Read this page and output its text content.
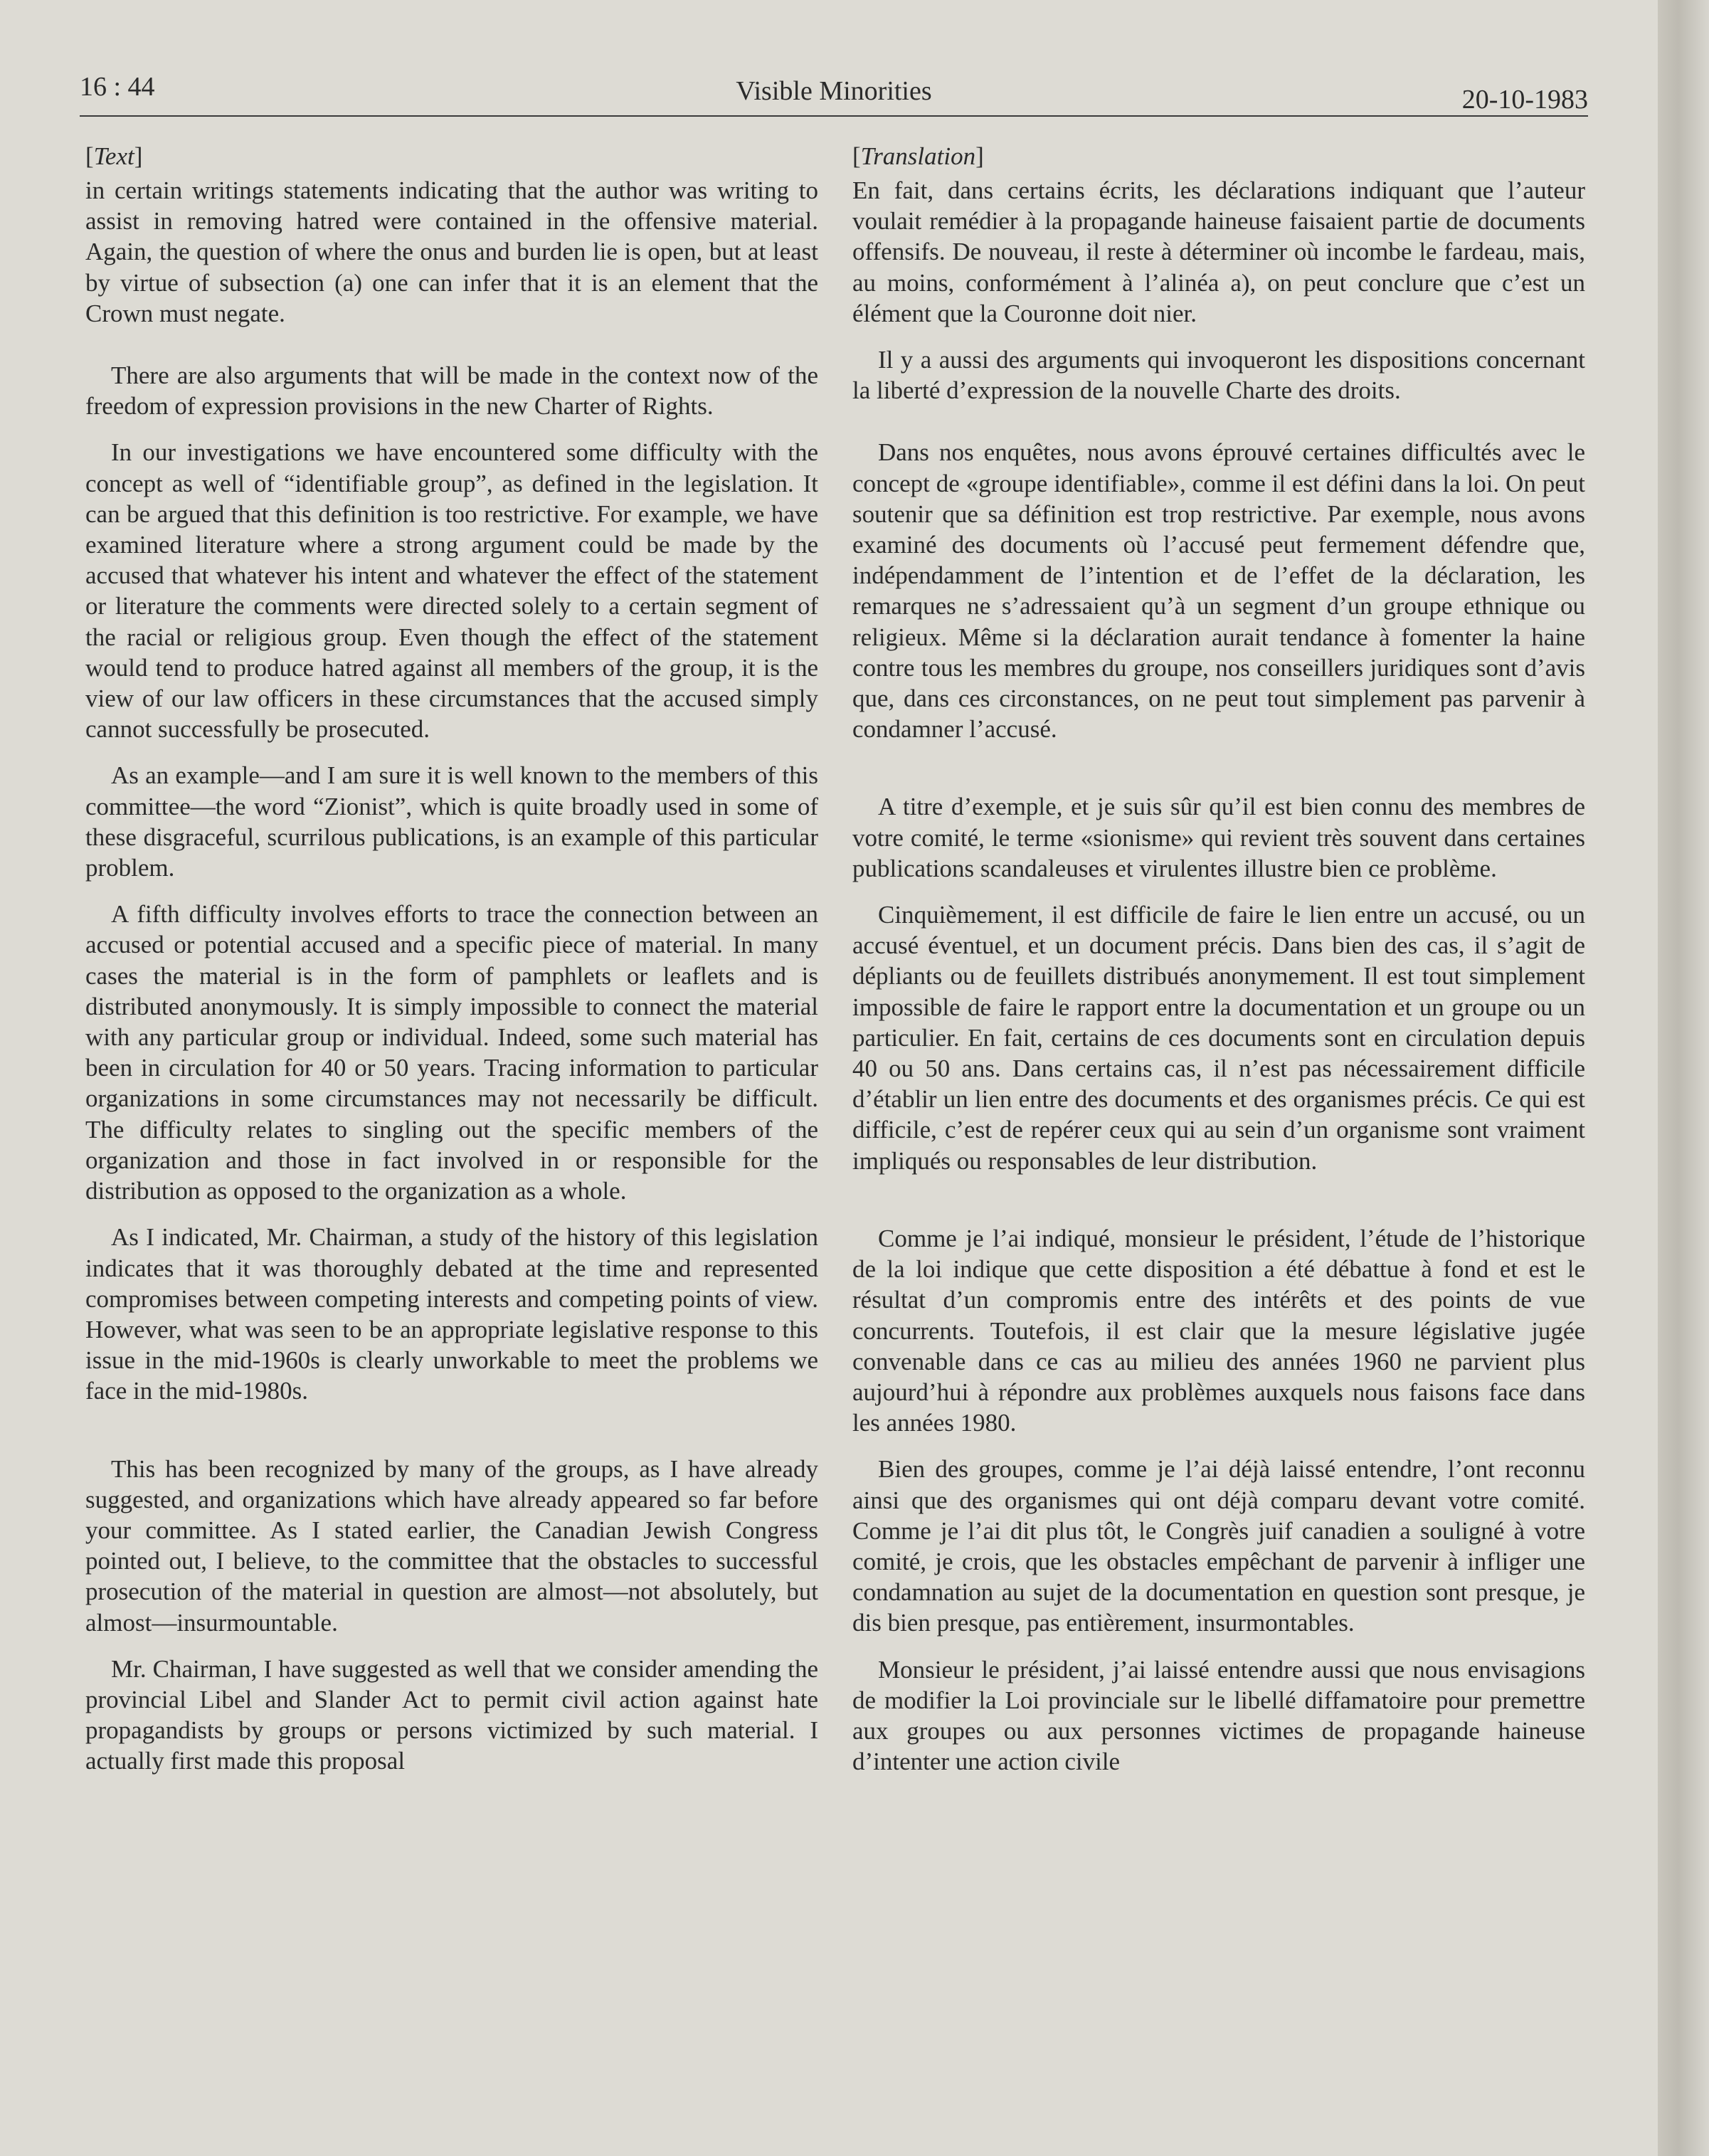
16 : 44	Visible Minorities	20-10-1983
[Text]

in certain writings statements indicating that the author was writing to assist in removing hatred were contained in the offensive material. Again, the question of where the onus and burden lie is open, but at least by virtue of subsection (a) one can infer that it is an element that the Crown must negate.

There are also arguments that will be made in the context now of the freedom of expression provisions in the new Charter of Rights.

In our investigations we have encountered some difficulty with the concept as well of “identifiable group”, as defined in the legislation. It can be argued that this definition is too restrictive. For example, we have examined literature where a strong argument could be made by the accused that whatever his intent and whatever the effect of the statement or literature the comments were directed solely to a certain segment of the racial or religious group. Even though the effect of the statement would tend to produce hatred against all members of the group, it is the view of our law officers in these circumstances that the accused simply cannot successfully be prosecuted.

As an example—and I am sure it is well known to the members of this committee—the word “Zionist”, which is quite broadly used in some of these disgraceful, scurrilous publications, is an example of this particular problem.

A fifth difficulty involves efforts to trace the connection between an accused or potential accused and a specific piece of material. In many cases the material is in the form of pamphlets or leaflets and is distributed anonymously. It is simply impossible to connect the material with any particular group or individual. Indeed, some such material has been in circulation for 40 or 50 years. Tracing information to particular organizations in some circumstances may not necessarily be difficult. The difficulty relates to singling out the specific members of the organization and those in fact involved in or responsible for the distribution as opposed to the organization as a whole.

As I indicated, Mr. Chairman, a study of the history of this legislation indicates that it was thoroughly debated at the time and represented compromises between competing interests and competing points of view. However, what was seen to be an appropriate legislative response to this issue in the mid-1960s is clearly unworkable to meet the problems we face in the mid-1980s.

This has been recognized by many of the groups, as I have already suggested, and organizations which have already appeared so far before your committee. As I stated earlier, the Canadian Jewish Congress pointed out, I believe, to the committee that the obstacles to successful prosecution of the material in question are almost—not absolutely, but almost—insurmountable.

Mr. Chairman, I have suggested as well that we consider amending the provincial Libel and Slander Act to permit civil action against hate propagandists by groups or persons victimized by such material. I actually first made this proposal

[Translation]

En fait, dans certains écrits, les déclarations indiquant que l’auteur voulait remédier à la propagande haineuse faisaient partie de documents offensifs. De nouveau, il reste à déterminer où incombe le fardeau, mais, au moins, conformément à l’alinéa a), on peut conclure que c’est un élément que la Couronne doit nier.

Il y a aussi des arguments qui invoqueront les dispositions concernant la liberté d’expression de la nouvelle Charte des droits.

Dans nos enquêtes, nous avons éprouvé certaines difficultés avec le concept de «groupe identifiable», comme il est défini dans la loi. On peut soutenir que sa définition est trop restrictive. Par exemple, nous avons examiné des documents où l’accusé peut fermement défendre que, indépendamment de l’intention et de l’effet de la déclaration, les remarques ne s’adressaient qu’à un segment d’un groupe ethnique ou religieux. Même si la déclaration aurait tendance à fomenter la haine contre tous les membres du groupe, nos conseillers juridiques sont d’avis que, dans ces circonstances, on ne peut tout simplement pas parvenir à condamner l’accusé.

A titre d’exemple, et je suis sûr qu’il est bien connu des membres de votre comité, le terme «sionisme» qui revient très souvent dans certaines publications scandaleuses et virulentes illustre bien ce problème.

Cinquièmement, il est difficile de faire le lien entre un accusé, ou un accusé éventuel, et un document précis. Dans bien des cas, il s’agit de dépliants ou de feuillets distribués anonymement. Il est tout simplement impossible de faire le rapport entre la documentation et un groupe ou un particulier. En fait, certains de ces documents sont en circulation depuis 40 ou 50 ans. Dans certains cas, il n’est pas nécessairement difficile d’établir un lien entre des documents et des organismes précis. Ce qui est difficile, c’est de repérer ceux qui au sein d’un organisme sont vraiment impliqués ou responsables de leur distribution.

Comme je l’ai indiqué, monsieur le président, l’étude de l’historique de la loi indique que cette disposition a été débattue à fond et est le résultat d’un compromis entre des intérêts et des points de vue concurrents. Toutefois, il est clair que la mesure législative jugée convenable dans ce cas au milieu des années 1960 ne parvient plus aujourd’hui à répondre aux problèmes auxquels nous faisons face dans les années 1980.

Bien des groupes, comme je l’ai déjà laissé entendre, l’ont reconnu ainsi que des organismes qui ont déjà comparu devant votre comité. Comme je l’ai dit plus tôt, le Congrès juif canadien a souligné à votre comité, je crois, que les obstacles empêchant de parvenir à infliger une condamnation au sujet de la documentation en question sont presque, je dis bien presque, pas entièrement, insurmontables.

Monsieur le président, j’ai laissé entendre aussi que nous envisagions de modifier la Loi provinciale sur le libellé diffamatoire pour premettre aux groupes ou aux personnes victimes de propagande haineuse d’intenter une action civile
